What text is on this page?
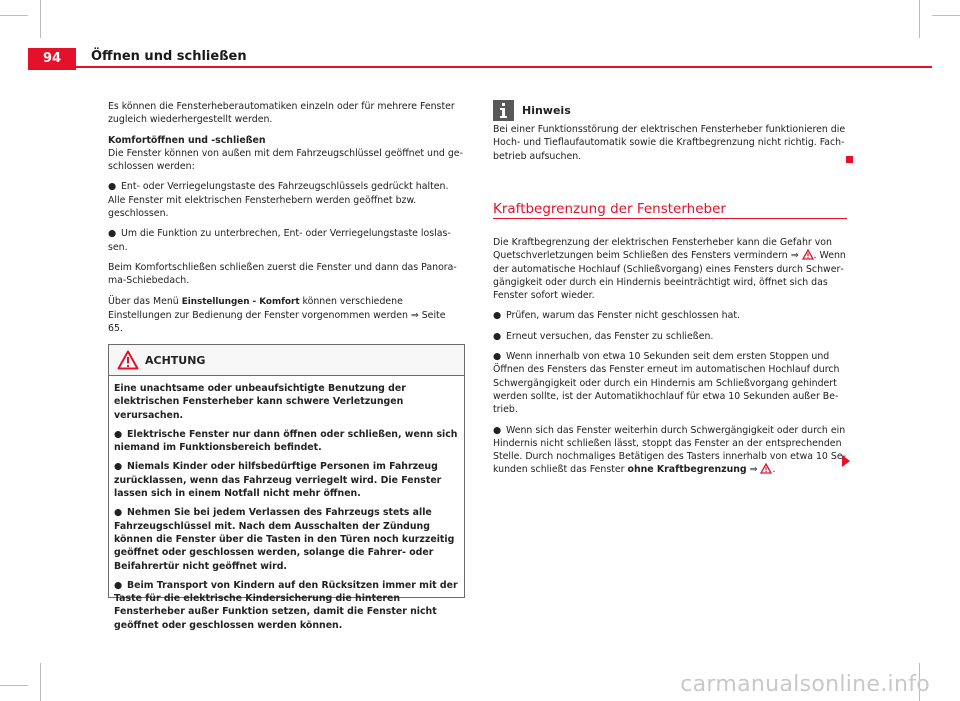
94	Öffnen und schließen

Es können die Fensterheberautomatiken einzeln oder für mehrere Fenster zugleich wiederhergestellt werden.

Komfortöffnen und -schließen

Die Fenster können von außen mit dem Fahrzeugschlüssel geöffnet und geschlossen werden:

● Ent- oder Verriegelungstaste des Fahrzeugschlüssels gedrückt halten. Alle Fenster mit elektrischen Fensterhebern werden geöffnet bzw. geschlossen.

● Um die Funktion zu unterbrechen, Ent- oder Verriegelungstaste loslassen.

Beim Komfortschließen schließen zuerst die Fenster und dann das Panorama-Schiebedach.

Über das Menü Einstellungen - Komfort können verschiedene Einstellungen zur Bedienung der Fenster vorgenommen werden ⇒ Seite 65.

ACHTUNG

Eine unachtsame oder unbeaufsichtigte Benutzung der elektrischen Fensterheber kann schwere Verletzungen verursachen.

● Elektrische Fenster nur dann öffnen oder schließen, wenn sich niemand im Funktionsbereich befindet.

● Niemals Kinder oder hilfsbedürftige Personen im Fahrzeug zurücklassen, wenn das Fahrzeug verriegelt wird. Die Fenster lassen sich in einem Notfall nicht mehr öffnen.

● Nehmen Sie bei jedem Verlassen des Fahrzeugs stets alle Fahrzeugschlüssel mit. Nach dem Ausschalten der Zündung können die Fenster über die Tasten in den Türen noch kurzzeitig geöffnet oder geschlossen werden, solange die Fahrer- oder Beifahrertür nicht geöffnet wird.

● Beim Transport von Kindern auf den Rücksitzen immer mit der Taste für die elektrische Kindersicherung die hinteren Fensterheber außer Funktion setzen, damit die Fenster nicht geöffnet oder geschlossen werden können.

Hinweis
Bei einer Funktionsstörung der elektrischen Fensterheber funktionieren die Hoch- und Tieflaufautomatik sowie die Kraftbegrenzung nicht richtig. Fachbetrieb aufsuchen.
Kraftbegrenzung der Fensterheber

Die Kraftbegrenzung der elektrischen Fensterheber kann die Gefahr von Quetschverletzungen beim Schließen des Fensters vermindern ⇒ . Wenn der automatische Hochlauf (Schließvorgang) eines Fensters durch Schwergängigkeit oder durch ein Hindernis beeinträchtigt wird, öffnet sich das Fenster sofort wieder.

● Prüfen, warum das Fenster nicht geschlossen hat.

● Erneut versuchen, das Fenster zu schließen.

● Wenn innerhalb von etwa 10 Sekunden seit dem ersten Stoppen und Öffnen des Fensters das Fenster erneut im automatischen Hochlauf durch Schwergängigkeit oder durch ein Hindernis am Schließvorgang gehindert werden sollte, ist der Automatikhochlauf für etwa 10 Sekunden außer Betrieb.

● Wenn sich das Fenster weiterhin durch Schwergängigkeit oder durch ein Hindernis nicht schließen lässt, stoppt das Fenster an der entsprechenden Stelle. Durch nochmaliges Betätigen des Tasters innerhalb von etwa 10 Sekunden schließt das Fenster ohne Kraftbegrenzung ⇒ .

carmanualsonline.info
